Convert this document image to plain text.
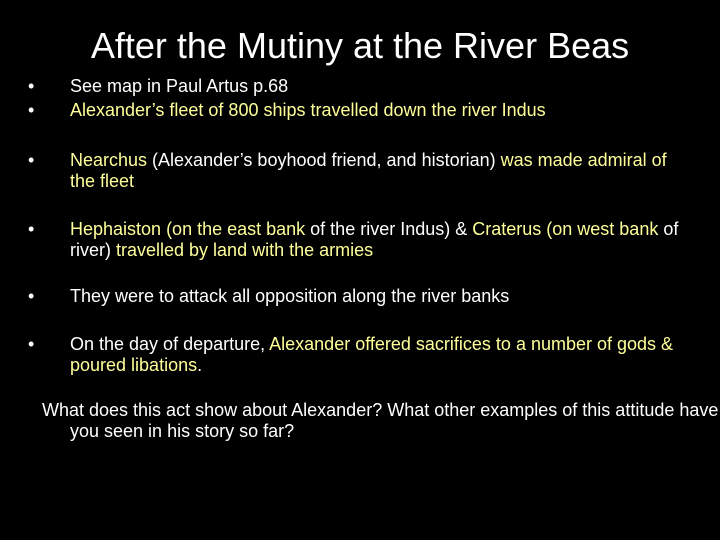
After the Mutiny at the River Beas
•	See map in Paul Artus p.68
•	Alexander’s fleet of 800 ships travelled down the river Indus
•	Nearchus (Alexander’s boyhood friend, and historian) was made admiral of the fleet
•	Hephaiston (on the east bank of the river Indus) & Craterus (on west bank of river) travelled by land with the armies
•	They were to attack all opposition along the river banks
•	On the day of departure, Alexander offered sacrifices to a number of gods & poured libations.
What does this act show about Alexander? What other examples of this attitude have you seen in his story so far?
